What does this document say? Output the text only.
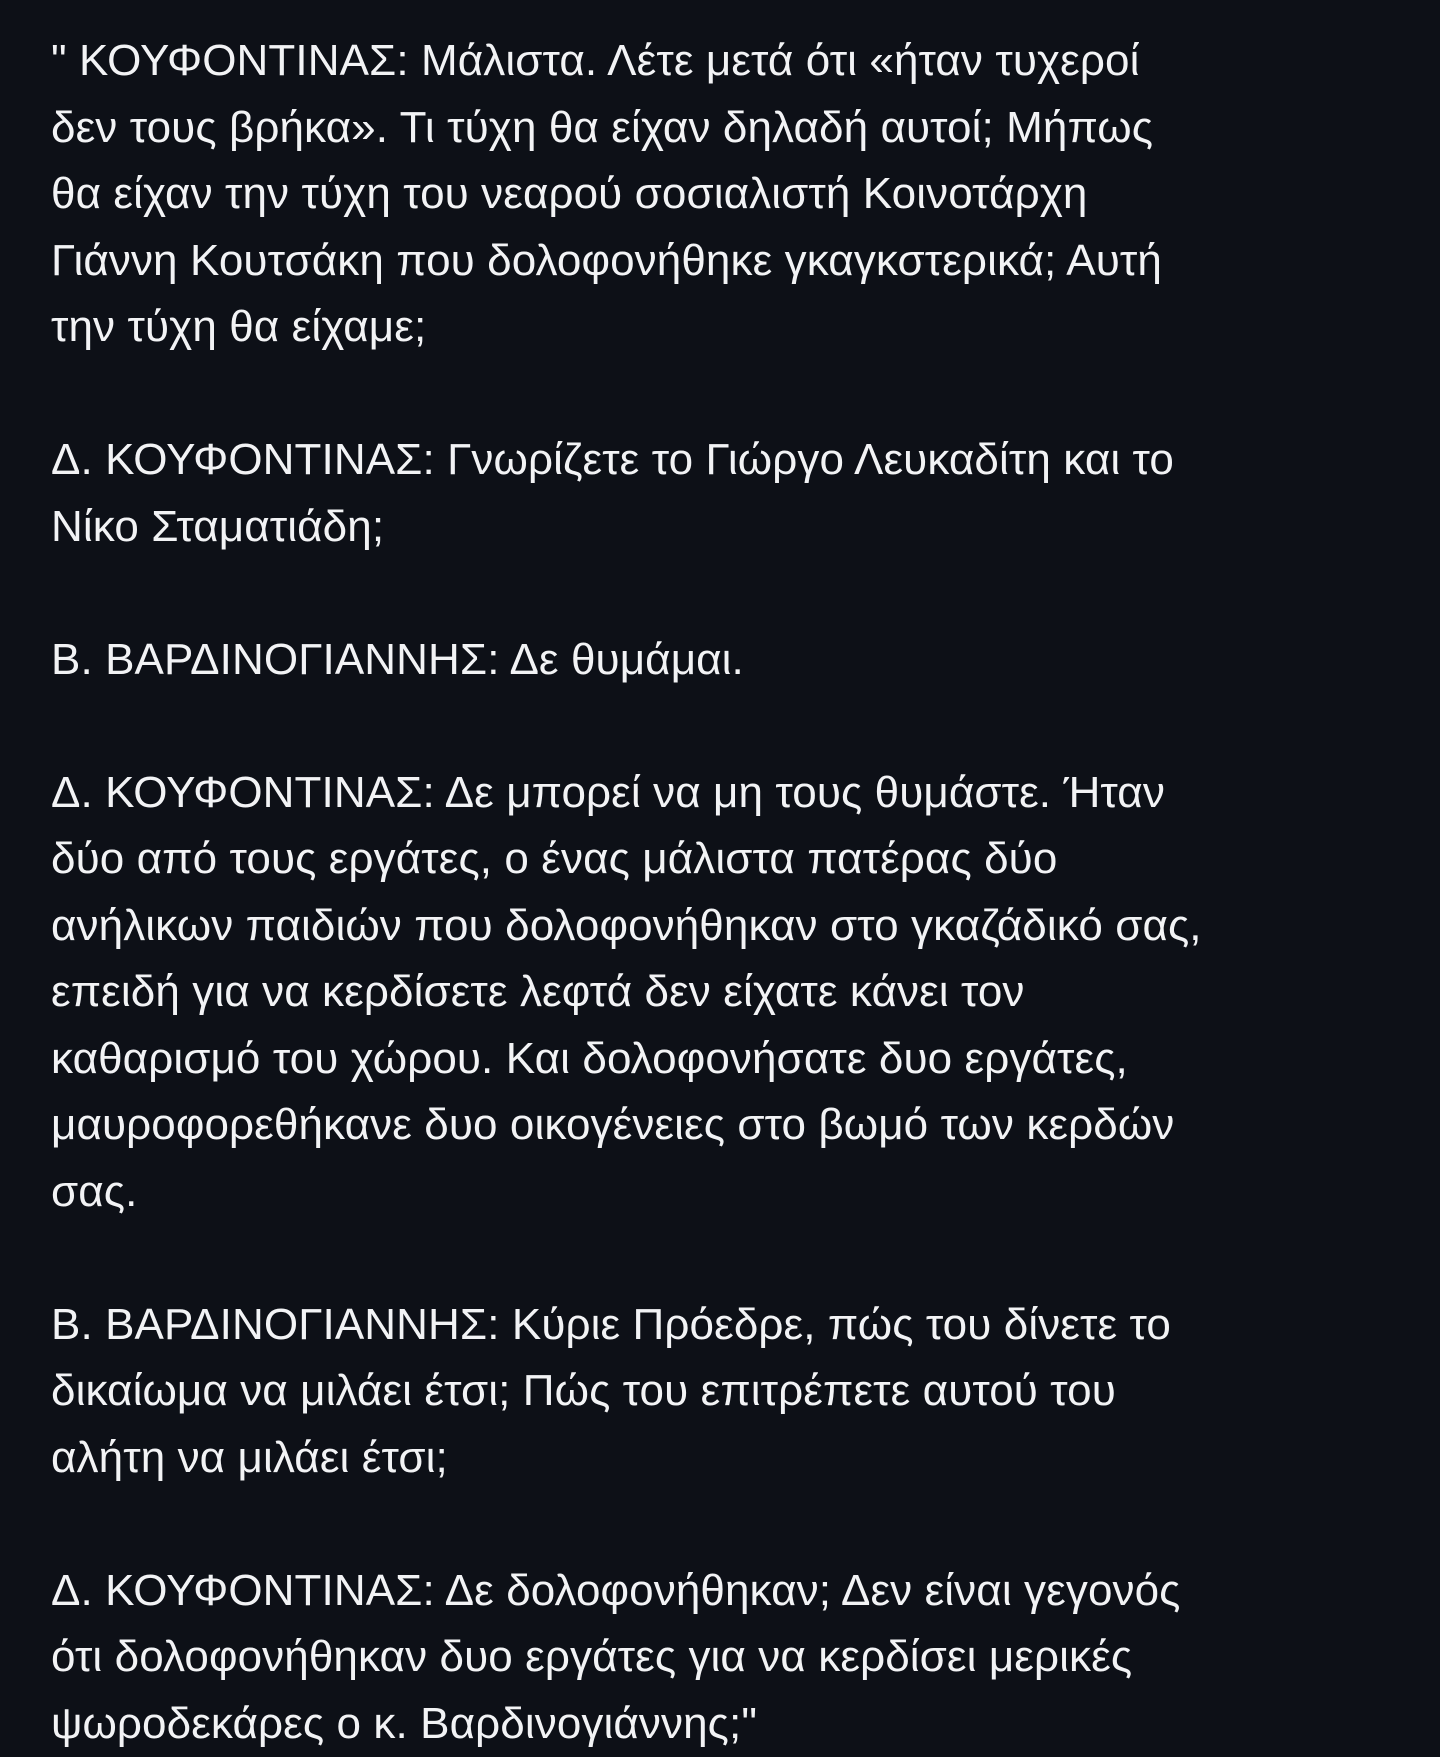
" ΚΟΥΦΟΝΤΙΝΑΣ: Μάλιστα. Λέτε μετά ότι «ήταν τυχεροί
δεν τους βρήκα». Τι τύχη θα είχαν δηλαδή αυτοί; Μήπως
θα είχαν την τύχη του νεαρού σοσιαλιστή Κοινοτάρχη
Γιάννη Κουτσάκη που δολοφονήθηκε γκαγκστερικά; Αυτή
την τύχη θα είχαμε;

Δ. ΚΟΥΦΟΝΤΙΝΑΣ: Γνωρίζετε το Γιώργο Λευκαδίτη και το
Νίκο Σταματιάδη;

Β. ΒΑΡΔΙΝΟΓΙΑΝΝΗΣ: Δε θυμάμαι.

Δ. ΚΟΥΦΟΝΤΙΝΑΣ: Δε μπορεί να μη τους θυμάστε. Ήταν
δύο από τους εργάτες, ο ένας μάλιστα πατέρας δύο
ανήλικων παιδιών που δολοφονήθηκαν στο γκαζάδικό σας,
επειδή για να κερδίσετε λεφτά δεν είχατε κάνει τον
καθαρισμό του χώρου. Και δολοφονήσατε δυο εργάτες,
μαυροφορεθήκανε δυο οικογένειες στο βωμό των κερδών
σας.

Β. ΒΑΡΔΙΝΟΓΙΑΝΝΗΣ: Κύριε Πρόεδρε, πώς του δίνετε το
δικαίωμα να μιλάει έτσι; Πώς του επιτρέπετε αυτού του
αλήτη να μιλάει έτσι;

Δ. ΚΟΥΦΟΝΤΙΝΑΣ: Δε δολοφονήθηκαν; Δεν είναι γεγονός
ότι δολοφονήθηκαν δυο εργάτες για να κερδίσει μερικές
ψωροδεκάρες ο κ. Βαρδινογιάννης;"
